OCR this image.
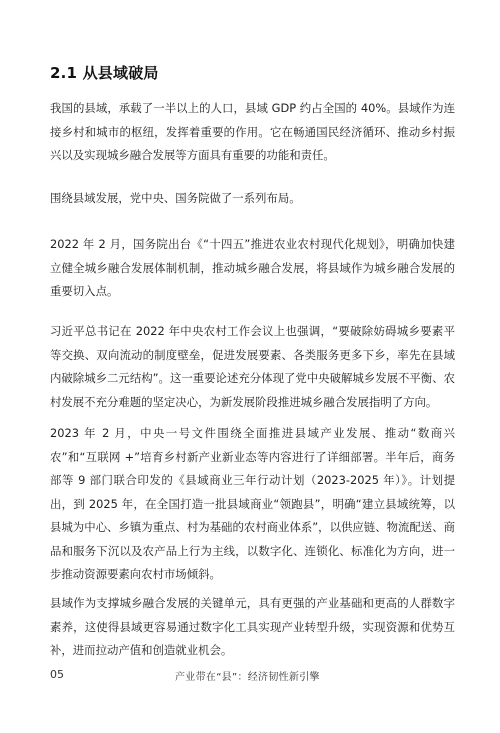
2.1 从县域破局
我国的县域，承载了一半以上的人口，县域 GDP 约占全国的 40%。县域作为连接乡村和城市的枢纽，发挥着重要的作用。它在畅通国民经济循环、推动乡村振兴以及实现城乡融合发展等方面具有重要的功能和责任。
围绕县域发展，党中央、国务院做了一系列布局。
2022 年 2 月，国务院出台《“十四五”推进农业农村现代化规划》，明确加快建立健全城乡融合发展体制机制，推动城乡融合发展，将县域作为城乡融合发展的重要切入点。
习近平总书记在 2022 年中央农村工作会议上也强调，“要破除妨碍城乡要素平等交换、双向流动的制度壁垒，促进发展要素、各类服务更多下乡，率先在县域内破除城乡二元结构”。这一重要论述充分体现了党中央破解城乡发展不平衡、农村发展不充分难题的坚定决心，为新发展阶段推进城乡融合发展指明了方向。
2023 年 2 月，中央一号文件围绕全面推进县域产业发展、推动“数商兴农”和“互联网 +”培育乡村新产业新业态等内容进行了详细部署。半年后，商务部等 9 部门联合印发的《县域商业三年行动计划（2023-2025 年）》。计划提出，到 2025 年，在全国打造一批县域商业“领跑县”，明确“建立县域统筹，以县城为中心、乡镇为重点、村为基础的农村商业体系”，以供应链、物流配送、商品和服务下沉以及农产品上行为主线，以数字化、连锁化、标准化为方向，进一步推动资源要素向农村市场倾斜。
县域作为支撑城乡融合发展的关键单元，具有更强的产业基础和更高的人群数字素养，这使得县域更容易通过数字化工具实现产业转型升级，实现资源和优势互补，进而拉动产值和创造就业机会。
05	产业带在“县”：经济韧性新引擎
